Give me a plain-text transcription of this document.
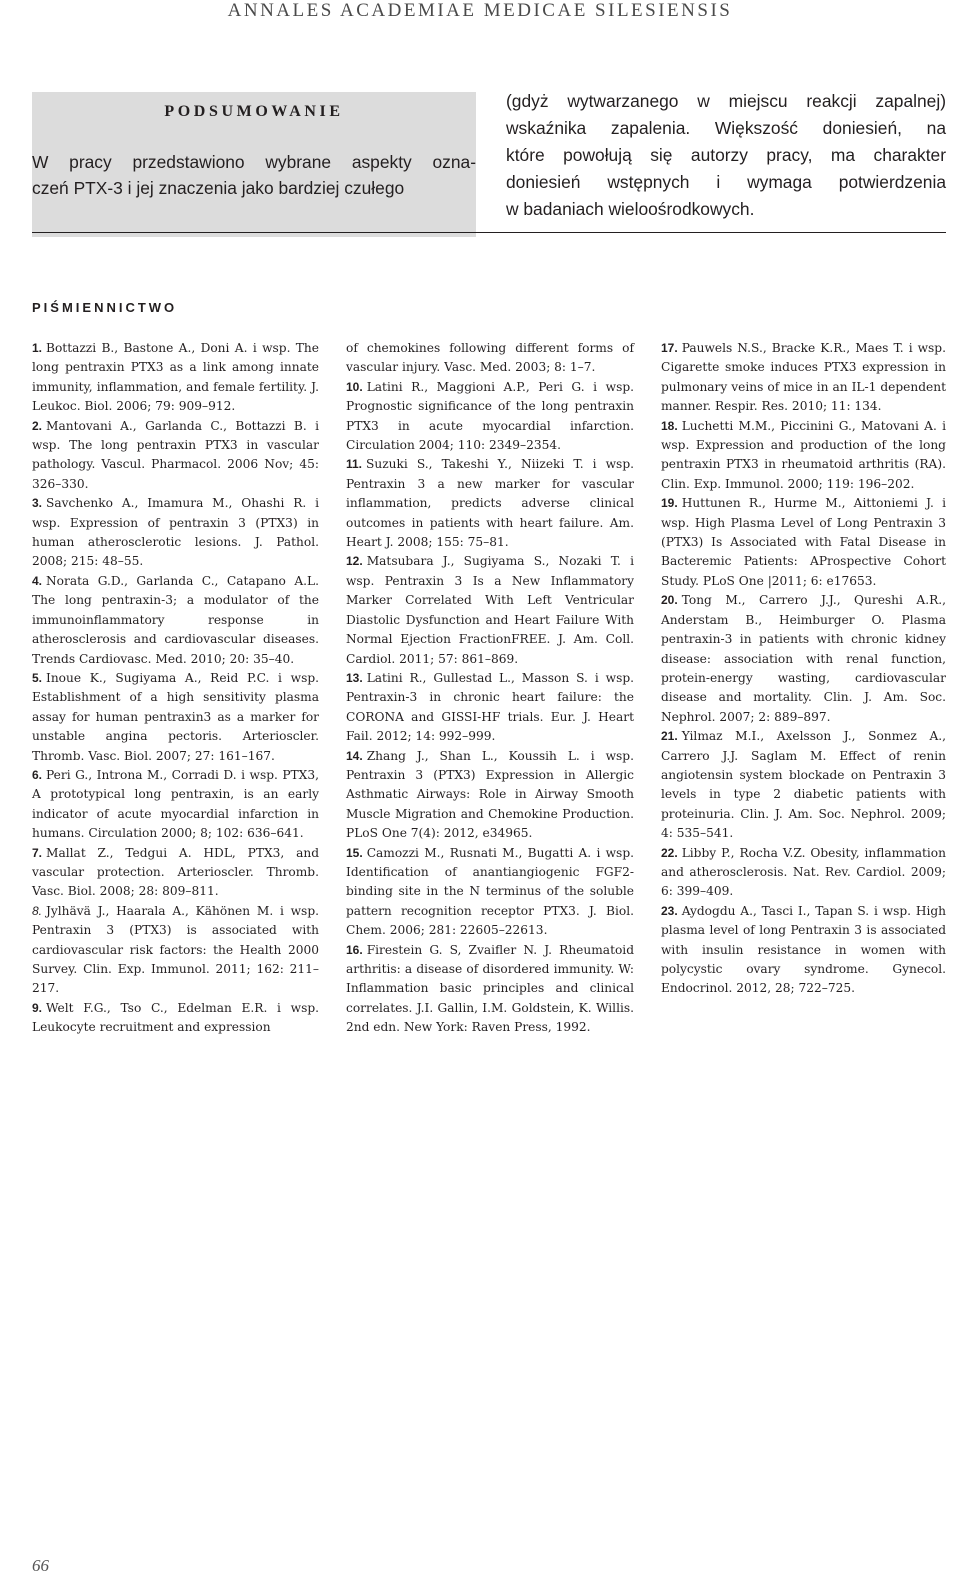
ANNALES ACADEMIAE MEDICAE SILESIENSIS
PODSUMOWANIE
W pracy przedstawiono wybrane aspekty ozna-
czeń PTX-3 i jej znaczenia jako bardziej czułego
(gdyż wytwarzanego w miejscu reakcji zapalnej)
wskaźnika zapalenia. Większość doniesień, na
które powołują się autorzy pracy, ma charakter
doniesień wstępnych i wymaga potwierdzenia
w badaniach wieloośrodkowych.
PIŚMIENNICTWO

1. Bottazzi B., Bastone A., Doni A. i wsp. The long pentraxin PTX3 as a link among innate immunity, inflammation, and female fertility. J. Leukoc. Biol. 2006; 79: 909–912.

2. Mantovani A., Garlanda C., Bottazzi B. i wsp. The long pentraxin PTX3 in vascular pathology. Vascul. Pharmacol. 2006 Nov; 45: 326–330.

3. Savchenko A., Imamura M., Ohashi R. i wsp. Expression of pentraxin 3 (PTX3) in human atherosclerotic lesions. J. Pathol. 2008; 215: 48–55.

4. Norata G.D., Garlanda C., Catapano A.L. The long pentraxin-3; a modulator of the immunoinflammatory response in atherosclerosis and cardiovascular diseases. Trends Cardiovasc. Med. 2010; 20: 35–40.

5. Inoue K., Sugiyama A., Reid P.C. i wsp. Establishment of a high sensitivity plasma assay for human pentraxin3 as a marker for unstable angina pectoris. Arterioscler. Thromb. Vasc. Biol. 2007; 27: 161–167.

6. Peri G., Introna M., Corradi D. i wsp. PTX3, A prototypical long pentraxin, is an early indicator of acute myocardial infarction in humans. Circulation 2000; 8; 102: 636–641.

7. Mallat Z., Tedgui A. HDL, PTX3, and vascular protection. Arterioscler. Thromb. Vasc. Biol. 2008; 28: 809–811.

8. Jylhävä J., Haarala A., Kähönen M. i wsp. Pentraxin 3 (PTX3) is associated with cardiovascular risk factors: the Health 2000 Survey. Clin. Exp. Immunol. 2011; 162: 211–217.

9. Welt F.G., Tso C., Edelman E.R. i wsp. Leukocyte recruitment and expression

of chemokines following different forms of vascular injury. Vasc. Med. 2003; 8: 1–7.

10. Latini R., Maggioni A.P., Peri G. i wsp. Prognostic significance of the long pentraxin PTX3 in acute myocardial infarction. Circulation 2004; 110: 2349–2354.

11. Suzuki S., Takeshi Y., Niizeki T. i wsp. Pentraxin 3 a new marker for vascular inflammation, predicts adverse clinical outcomes in patients with heart failure. Am. Heart J. 2008; 155: 75–81.

12. Matsubara J., Sugiyama S., Nozaki T. i wsp. Pentraxin 3 Is a New Inflammatory Marker Correlated With Left Ventricular Diastolic Dysfunction and Heart Failure With Normal Ejection FractionFREE. J. Am. Coll. Cardiol. 2011; 57: 861–869.

13. Latini R., Gullestad L., Masson S. i wsp. Pentraxin-3 in chronic heart failure: the CORONA and GISSI-HF trials. Eur. J. Heart Fail. 2012; 14: 992–999.

14. Zhang J., Shan L., Koussih L. i wsp. Pentraxin 3 (PTX3) Expression in Allergic Asthmatic Airways: Role in Airway Smooth Muscle Migration and Chemokine Production. PLoS One 7(4): 2012, e34965.

15. Camozzi M., Rusnati M., Bugatti A. i wsp. Identification of anantiangiogenic FGF2-binding site in the N terminus of the soluble pattern recognition receptor PTX3. J. Biol. Chem. 2006; 281: 22605–22613.

16. Firestein G. S, Zvaifler N. J. Rheumatoid arthritis: a disease of disordered immunity. W: Inflammation basic principles and clinical correlates. J.I. Gallin, I.M. Goldstein, K. Willis. 2nd edn. New York: Raven Press, 1992.

17. Pauwels N.S., Bracke K.R., Maes T. i wsp. Cigarette smoke induces PTX3 expression in pulmonary veins of mice in an IL-1 dependent manner. Respir. Res. 2010; 11: 134.

18. Luchetti M.M., Piccinini G., Matovani A. i wsp. Expression and production of the long pentraxin PTX3 in rheumatoid arthritis (RA). Clin. Exp. Immunol. 2000; 119: 196–202.

19. Huttunen R., Hurme M., Aittoniemi J. i wsp. High Plasma Level of Long Pentraxin 3 (PTX3) Is Associated with Fatal Disease in Bacteremic Patients: AProspective Cohort Study. PLoS One |2011; 6: e17653.

20. Tong M., Carrero J.J., Qureshi A.R., Anderstam B., Heimburger O. Plasma pentraxin-3 in patients with chronic kidney disease: association with renal function, protein-energy wasting, cardiovascular disease and mortality. Clin. J. Am. Soc. Nephrol. 2007; 2: 889–897.

21. Yilmaz M.I., Axelsson J., Sonmez A., Carrero J.J. Saglam M. Effect of renin angiotensin system blockade on Pentraxin 3 levels in type 2 diabetic patients with proteinuria. Clin. J. Am. Soc. Nephrol. 2009; 4: 535–541.

22. Libby P., Rocha V.Z. Obesity, inflammation and atherosclerosis. Nat. Rev. Cardiol. 2009; 6: 399–409.

23. Aydogdu A., Tasci I., Tapan S. i wsp. High plasma level of long Pentraxin 3 is associated with insulin resistance in women with polycystic ovary syndrome. Gynecol. Endocrinol. 2012, 28; 722–725.

66
